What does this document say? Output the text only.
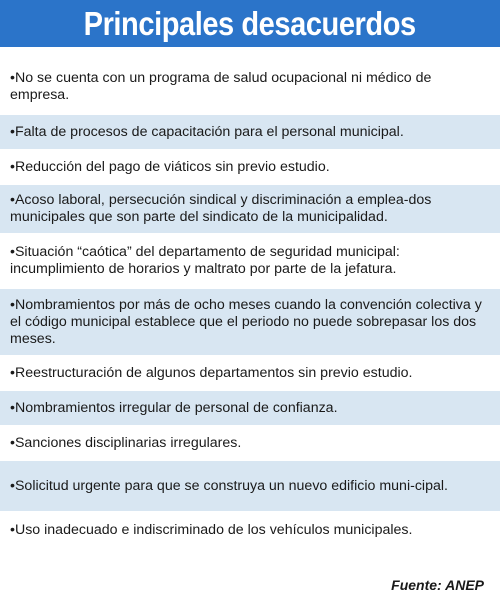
Principales desacuerdos
•No se cuenta con un programa de salud ocupacional ni médico de empresa.
•Falta de procesos de capacitación para el personal municipal.
•Reducción del pago de viáticos sin previo estudio.
•Acoso laboral, persecución sindical y discriminación a emplea-dos municipales que son parte del sindicato de la municipalidad.
•Situación “caótica” del departamento de seguridad municipal: incumplimiento de horarios y maltrato por parte de la jefatura.
•Nombramientos por más de ocho meses cuando la convención colectiva y el código municipal establece que el periodo no puede sobrepasar los dos meses.
•Reestructuración de algunos departamentos sin previo estudio.
•Nombramientos irregular de personal de confianza.
•Sanciones disciplinarias irregulares.
•Solicitud urgente para que se construya un nuevo edificio muni-cipal.
•Uso inadecuado e indiscriminado de los vehículos municipales.
Fuente: ANEP
